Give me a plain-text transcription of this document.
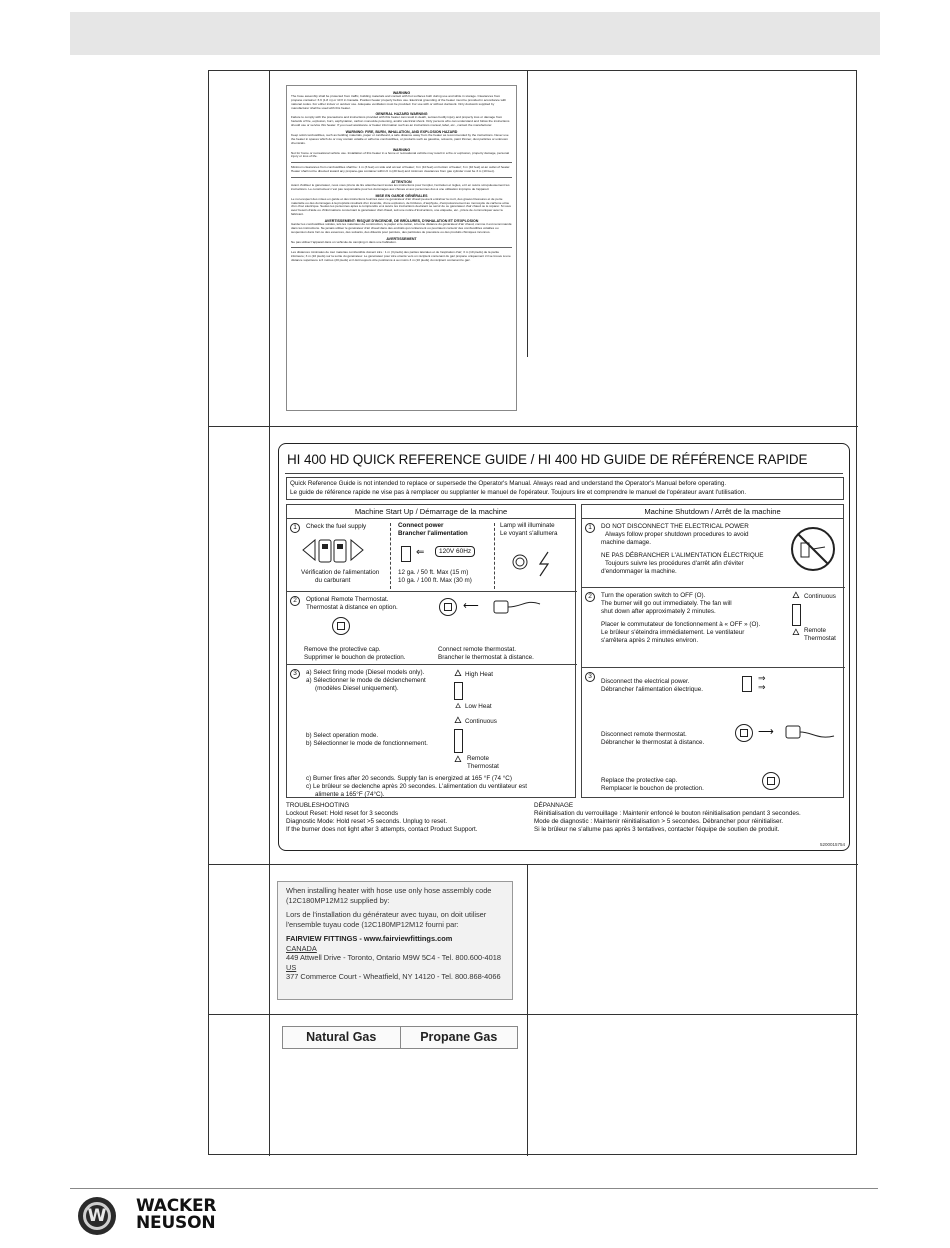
WARNING
The hose assembly shall be protected from traffic, building materials and contact with hot surfaces both during use and while in storage. Clearances from propane container: 6 ft (1.8 m) or 10 ft in Canada. Position heater properly before use. Electrical grounding of the heater must be provided in accordance with national codes. For either indoor or outdoor use. Adequate ventilation must be provided. For use with or without ductwork. Only ductwork supplied by manufacturer shall be used with this heater.
GENERAL HAZARD WARNING
Failure to comply with the precautions and instructions provided with this heater can result in death, serious bodily injury and property loss or damage from hazards of fire, explosion, burn, asphyxiation, carbon monoxide poisoning, and/or electrical shock. Only persons who can understand and follow the instructions should use or service this heater. If you need assistance or heater information such as an instructions manual, label, etc., contact the manufacturer.
WARNING: FIRE, BURN, INHALATION, AND EXPLOSION HAZARD
Keep solid combustibles, such as building materials, paper or cardboard, a safe distance away from the heater as recommended by the instructions. Never use the heater in spaces which do or may contain volatile or airborne combustibles, or products such as gasoline, solvents, paint thinner, dust particles or unknown chemicals.
WARNING
Not for home or recreational vehicle use. Installation of this heater in a home or recreational vehicle may result in a fire or explosion, property damage, personal injury or loss of life.
Minimum clearances from combustibles shall be: 1 m (3 feet) on side and at rear of heater; 3 m (10 feet) on bottom of heater; 3 m (10 feet) at an outlet of heater. Heater shall not be directed toward any propane-gas container within 6 m (20 feet) and minimum clearances from gas cylinder must be 3 m (10 feet).
ATTENTION
Avant d'utiliser le générateur, nous vous prions de lire attentivement toutes les instructions pour l'emploi, l'entretien et règles, et il en suivre scrupuleusement les instructions. Le constructeur n'est pas responsable pour les dommages aux choses et aux personnes dus à une utilisation impropre de l'appareil.
MISE EN GARDE GÉNÉRALES
Le non-respect des mises en garde et des instructions fournies avec ce générateur d'air chaud peuvent entraîner la mort, des graves blessures et de perte matérielle ou des dommages à la propriété résultant d'un incendie, d'une explosion, de brûlures, d'asphyxie, d'empoisonnement au monoxyde de carbone et/ou d'un choc électrique. Seules les personnes aptes à comprendre et à suivre les instructions devraient se servir de ce générateur d'air chaud ou le réparer. Si vous avez besoin d'aide ou d'informations concernant le générateur d'air chaud, soit une notice d'instructions, une étiquette, etc., prière de communiquer avec le fabricant.
AVERTISSEMENT: RISQUE D'INCENDIE, DE BRÛLURES, D'INHALATION ET D'EXPLOSION
Garder les combustibles solides, tels les matériaux de construction, le papier et le carton, à bonne distance du générateur d'air chaud, comme il est recommandé dans les instructions. Ne jamais utiliser le générateur d'air chaud dans des endroits qui contiennent ou pourraient contenir des combustibles volatiles ou suspension dans l'air ou des essences, des solvants, des diluants pour peinture, des particules de poussière ou des produits chimiques inconnus.
AVERTISSEMENT
Ne pas utiliser l'appareil dans un véhicule de camping ni dans une habitation.
Les distances minimales de tout matériau combustible doivent être : 1 m (3 pieds) des parties latérales et de l'aspiration d'air; 3 m (10 pieds) de la partie inférieure; 3 m (10 pieds) sur la sortie du générateur. Le générateur pour être orienté vers un récipient contenant du gaz propane uniquement s'il se trouve à une distance supérieure à 6 mètres (20 pieds) et il doit toujours être positionné à au moins 3 m (10 pieds) du récipient contenant le gaz.
HI 400 HD QUICK REFERENCE GUIDE / HI 400 HD GUIDE DE RÉFÉRENCE RAPIDE
Quick Reference Guide is not intended to replace or supersede the Operator's Manual. Always read and understand the Operator's Manual before operating.
Le guide de référence rapide ne vise pas à remplacer ou supplanter le manuel de l'opérateur. Toujours lire et comprendre le manuel de l'opérateur avant l'utilisation.
Machine Start Up / Démarrage de la machine
1	Check the fuel supply
Vérification de l'alimentation
du carburant
Connect power
Brancher l'alimentation
⇐	120V 60Hz
12 ga. / 50 ft. Max (15 m)
10 ga. / 100 ft. Max (30 m)
Lamp will illuminate
Le voyant s'allumera
2	Optional Remote Thermostat.
Thermostat à distance en option.
Remove the protective cap.
Supprimer le bouchon de protection.
⟵
Connect remote thermostat.
Brancher le thermostat à distance.
3	a) Select firing mode (Diesel models only).
a) Sélectionner le mode de déclenchement
(modèles Diesel uniquement).
🜂 High Heat
🜂 Low Heat
b) Select operation mode.
b) Sélectionner le mode de fonctionnement.
🜂 Continuous
🜂 Remote
Thermostat
c) Burner fires after 20 seconds. Supply fan is energized at 165 °F (74 °C)
c) Le brûleur se declenche après 20 secondes. L'alimentation du ventilateur est
alimente a 165°F (74°C).
Machine Shutdown / Arrêt de la machine
1	DO NOT DISCONNECT THE ELECTRICAL POWER
Always follow proper shutdown procedures to avoid
machine damage.
NE PAS DÉBRANCHER L'ALIMENTATION ÉLECTRIQUE
Toujours suivre les procédures d'arrêt afin d'éviter
d'endommager la machine.
2	Turn the operation switch to OFF (O).
The burner will go out immediately. The fan will
shut down after approximately 2 minutes.
Placer le commutateur de fonctionnement à « OFF » (O).
Le brûleur s'éteindra immédiatement. Le ventilateur
s'arrêtera après 2 minutes environ.
🜂 Continuous
🜂 Remote
Thermostat
3
Disconnect the electrical power.
Débrancher l'alimentation électrique.
⇒
⇒
Disconnect remote thermostat.
Débrancher le thermostat à distance.
⟶
Replace the protective cap.
Remplacer le bouchon de protection.
TROUBLESHOOTING
Lockout Reset: Hold reset for 3 seconds
Diagnostic Mode: Hold reset >5 seconds. Unplug to reset.
If the burner does not light after 3 attempts, contact Product Support.
DÉPANNAGE
Réinitialisation du verrouillage : Maintenir enfoncé le bouton réinitialisation pendant 3 secondes.
Mode de diagnostic : Maintenir réinitialisation > 5 secondes. Débrancher pour réinitialiser.
Si le brûleur ne s'allume pas après 3 tentatives, contacter l'équipe de soutien de produit.
5200015754
When installing heater with hose use only hose assembly code
(12C180MP12M12 supplied by:
Lors de l'installation du générateur avec tuyau, on doit utiliser
l'ensemble tuyau code (12C180MP12M12 fourni par:
FAIRVIEW FITTINGS - www.fairviewfittings.com
CANADA
449 Attwell Drive - Toronto, Ontario M9W 5C4 - Tel. 800.600-4018
US
377 Commerce Court - Wheatfield, NY 14120 - Tel. 800.868-4066
Natural Gas	Propane Gas
W	WACKER
NEUSON
